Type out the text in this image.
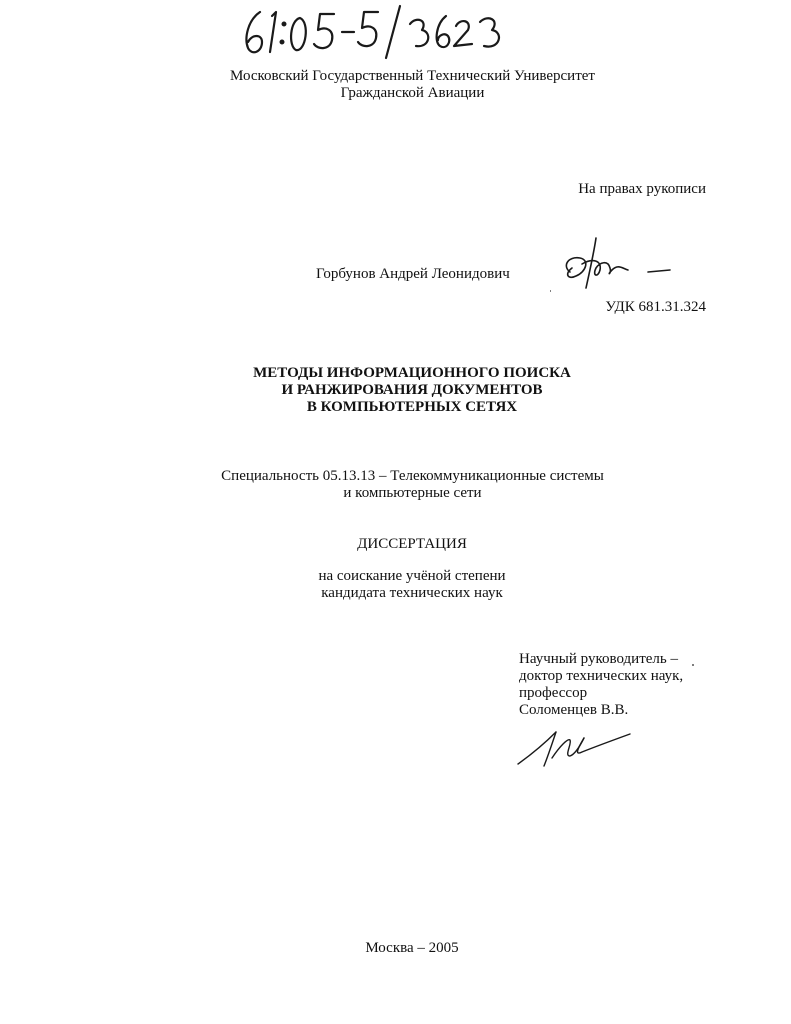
Московский Государственный Технический Университет
Гражданской Авиации
На правах рукописи
Горбунов Андрей Леонидович
УДК 681.31.324
МЕТОДЫ ИНФОРМАЦИОННОГО ПОИСКА
И РАНЖИРОВАНИЯ ДОКУМЕНТОВ
В КОМПЬЮТЕРНЫХ СЕТЯХ
Специальность 05.13.13 – Телекоммуникационные системы
и компьютерные сети
ДИССЕРТАЦИЯ
на соискание учёной степени
кандидата технических наук
Научный руководитель –
доктор технических наук,
профессор
Соломенцев В.В.
Москва – 2005
